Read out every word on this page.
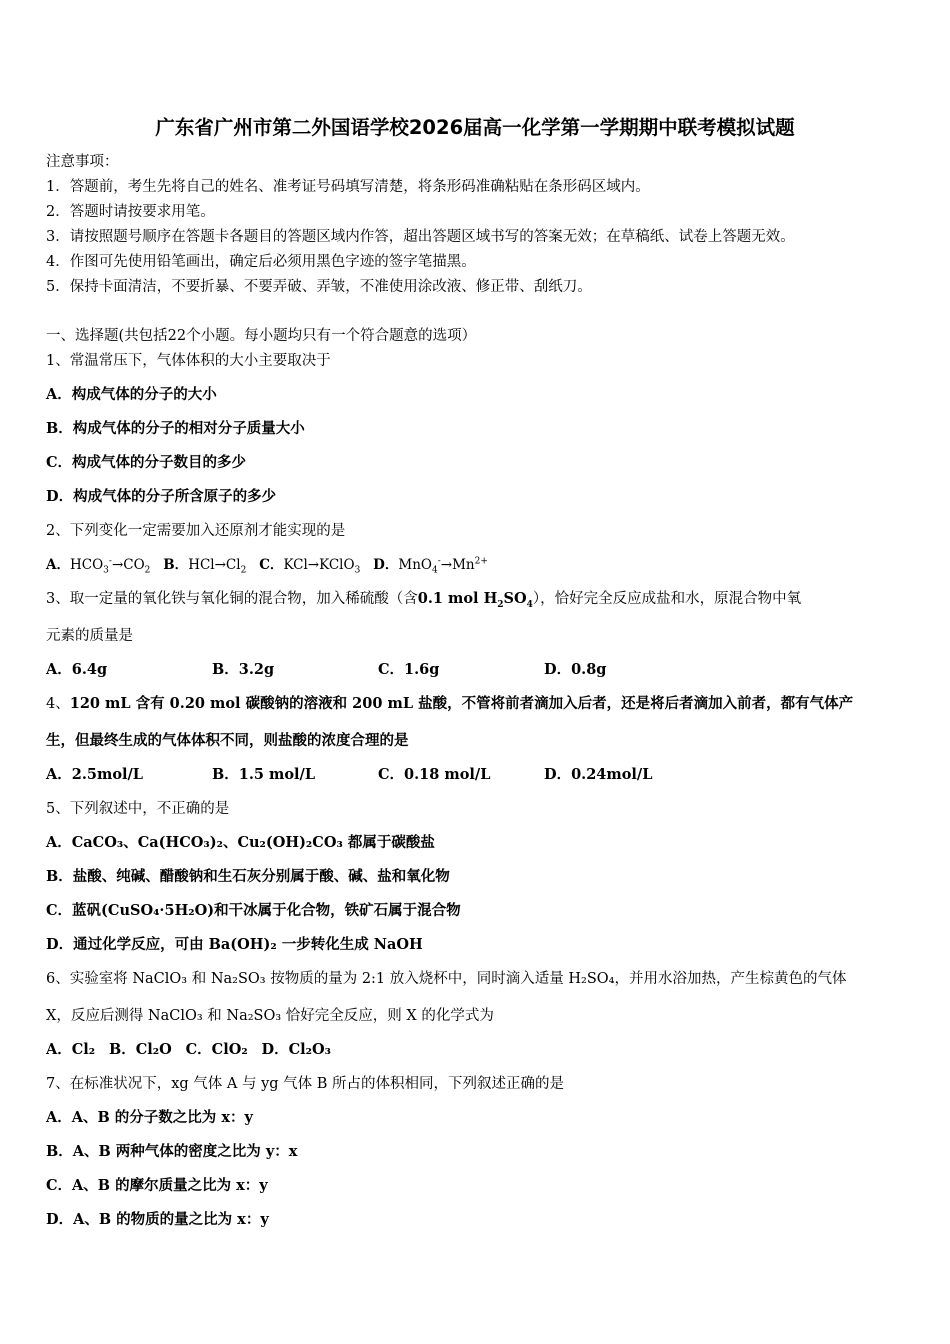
广东省广州市第二外国语学校2026届高一化学第一学期期中联考模拟试题
注意事项：
1．答题前，考生先将自己的姓名、准考证号码填写清楚，将条形码准确粘贴在条形码区域内。
2．答题时请按要求用笔。
3．请按照题号顺序在答题卡各题目的答题区域内作答，超出答题区域书写的答案无效；在草稿纸、试卷上答题无效。
4．作图可先使用铅笔画出，确定后必须用黑色字迹的签字笔描黑。
5．保持卡面清洁，不要折暴、不要弄破、弄皱，不准使用涂改液、修正带、刮纸刀。
一、选择题(共包括22个小题。每小题均只有一个符合题意的选项）
1、常温常压下，气体体积的大小主要取决于
A．构成气体的分子的大小
B．构成气体的分子的相对分子质量大小
C．构成气体的分子数目的多少
D．构成气体的分子所含原子的多少
2、下列变化一定需要加入还原剂才能实现的是
A．$HCO_3^-\to CO_2$ B．$HCl\to Cl_2$ C．KCl→KClO$_3$ D．$MnO_4^-\to Mn^{2+}$
3、取一定量的氧化铁与氧化铜的混合物，加入稀硫酸（含0.1 mol $H_2SO_4$），恰好完全反应成盐和水，原混合物中氧
元素的质量是
A．6.4g	B．3.2g	C．1.6g	D．0.8g
4、120 mL 含有 0.20 mol 碳酸钠的溶液和 200 mL 盐酸，不管将前者滴加入后者，还是将后者滴加入前者，都有气体产
生，但最终生成的气体体积不同，则盐酸的浓度合理的是
A．2.5mol/L	B．1.5 mol/L	C．0.18 mol/L	D．0.24mol/L
5、下列叙述中，不正确的是
A．CaCO₃、Ca(HCO₃)₂、Cu₂(OH)₂CO₃ 都属于碳酸盐
B．盐酸、纯碱、醋酸钠和生石灰分别属于酸、碱、盐和氧化物
C．蓝矾(CuSO₄·5H₂O)和干冰属于化合物，铁矿石属于混合物
D．通过化学反应，可由 Ba(OH)₂ 一步转化生成 NaOH
6、实验室将 NaClO₃ 和 Na₂SO₃ 按物质的量为 2:1 放入烧杯中，同时滴入适量 H₂SO₄，并用水浴加热，产生棕黄色的气体
X，反应后测得 NaClO₃ 和 Na₂SO₃ 恰好完全反应，则 X 的化学式为
A．Cl₂ B．Cl₂O C．ClO₂ D．Cl₂O₃
7、在标准状况下，xg 气体 A 与 yg 气体 B 所占的体积相同，下列叙述正确的是
A．A、B 的分子数之比为 x：y
B．A、B 两种气体的密度之比为 y：x
C．A、B 的摩尔质量之比为 x：y
D．A、B 的物质的量之比为 x：y
